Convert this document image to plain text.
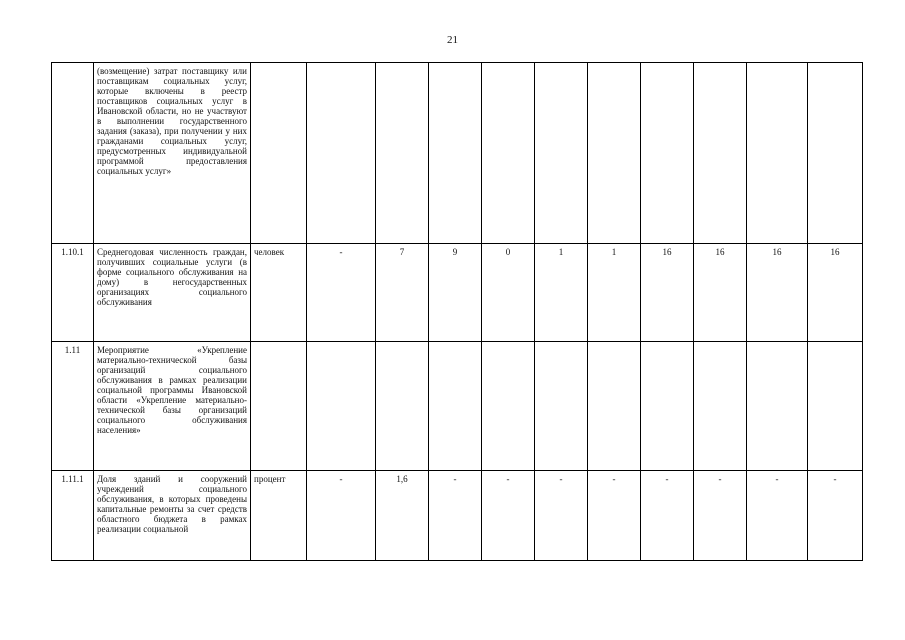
21
	(возмещение) затрат поставщику или поставщикам социальных услуг, которые включены в реестр поставщиков социальных услуг в Ивановской области, но не участвуют в выполнении государственного задания (заказа), при получении у них гражданами социальных услуг, предусмотренных индивидуальной программой предоставления социальных услуг»											
1.10.1	Среднегодовая численность граждан, получивших социальные услуги (в форме социального обслуживания на дому) в негосударственных организациях социального обслуживания	человек	-	7	9	0	1	1	16	16	16	16
1.11	Мероприятие «Укрепление материально-технической базы организаций социального обслуживания в рамках реализации социальной программы Ивановской области «Укрепление материально-технической базы организаций социального обслуживания населения»											
1.11.1	Доля зданий и сооружений учреждений социального обслуживания, в которых проведены капитальные ремонты за счет средств областного бюджета в рамках реализации социальной	процент	-	1,6	-	-	-	-	-	-	-	-
